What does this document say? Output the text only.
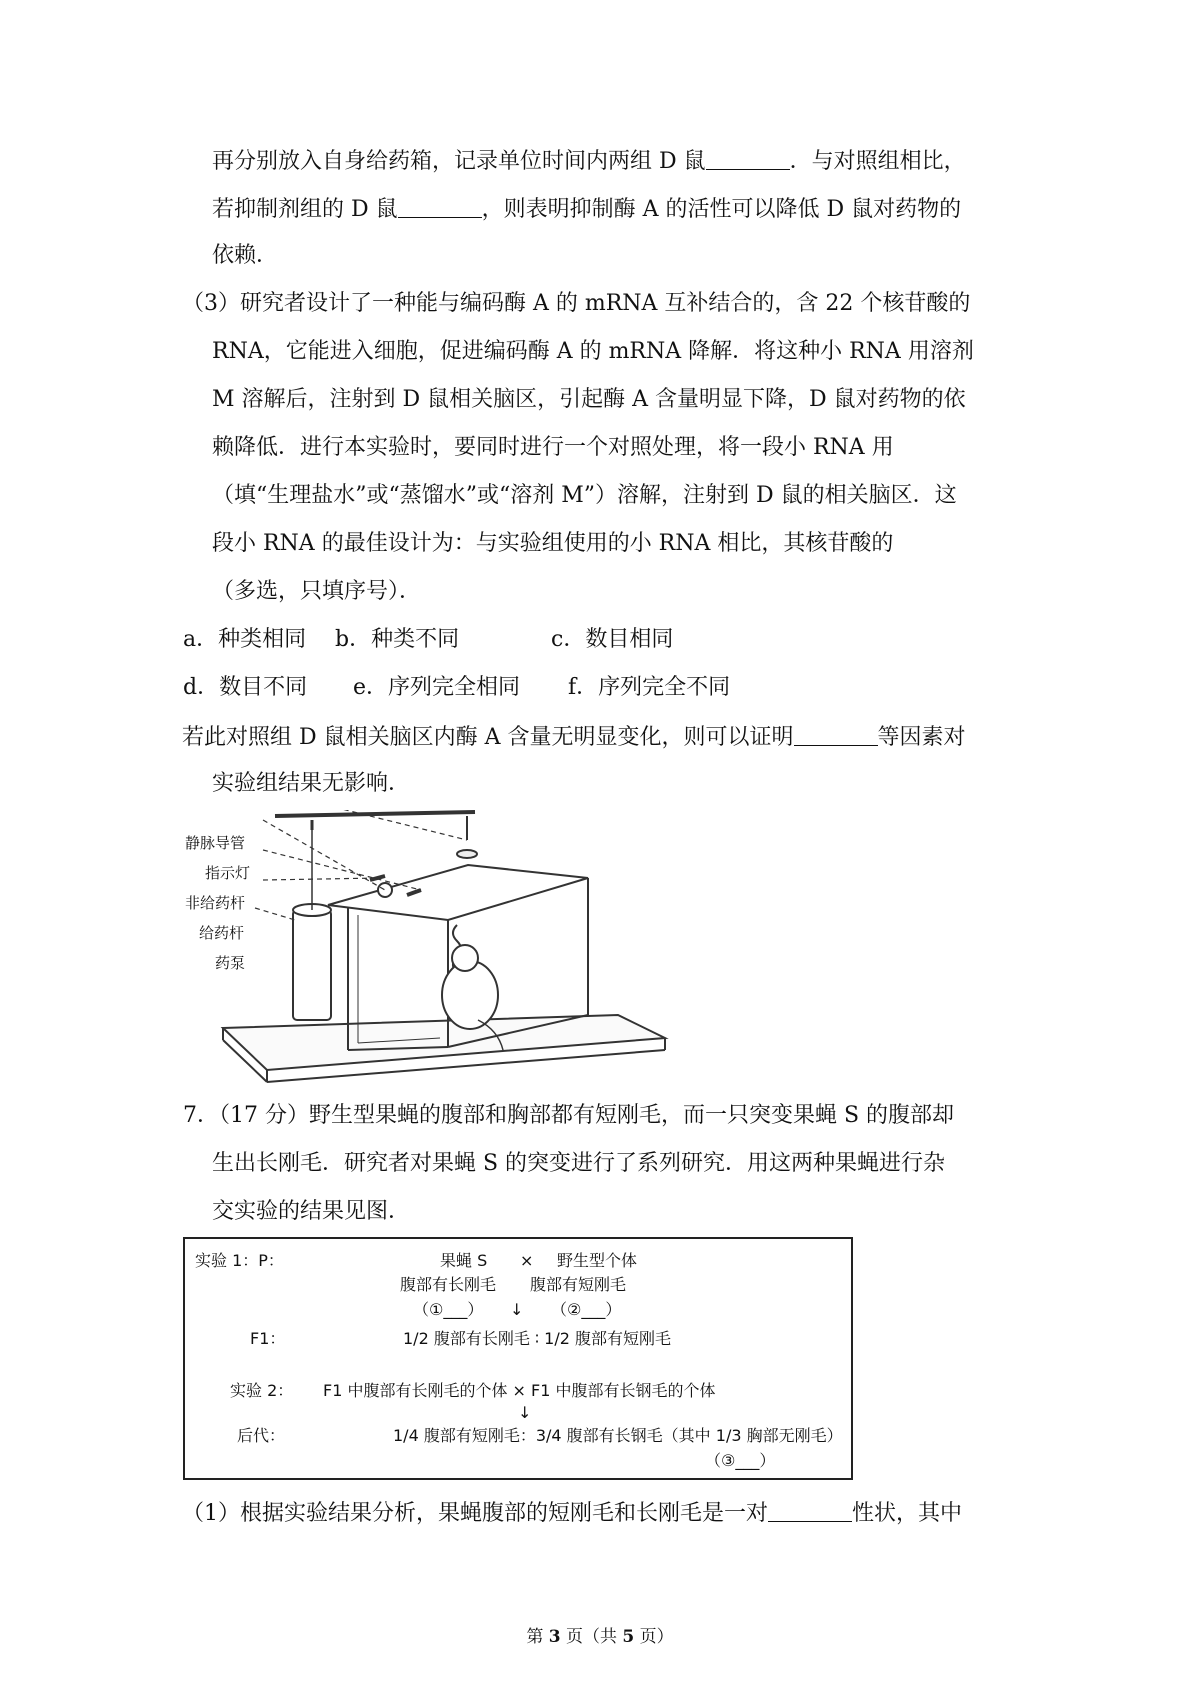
再分别放入自身给药箱，记录单位时间内两组 D 鼠	．与对照组相比，
若抑制剂组的 D 鼠	，则表明抑制酶 A 的活性可以降低 D 鼠对药物的
依赖．
（3）研究者设计了一种能与编码酶 A 的 mRNA 互补结合的，含 22 个核苷酸的
RNA，它能进入细胞，促进编码酶 A 的 mRNA 降解．将这种小 RNA 用溶剂
M 溶解后，注射到 D 鼠相关脑区，引起酶 A 含量明显下降，D 鼠对药物的依
赖降低．进行本实验时，要同时进行一个对照处理，将一段小 RNA 用
（填“生理盐水”或“蒸馏水”或“溶剂 M”）溶解，注射到 D 鼠的相关脑区．这
段小 RNA 的最佳设计为：与实验组使用的小 RNA 相比，其核苷酸的
（多选，只填序号）．
a．种类相同 b．种类不同	c．数目相同
d．数目不同 e．序列完全相同 f．序列完全不同
若此对照组 D 鼠相关脑区内酶 A 含量无明显变化，则可以证明	等因素对
实验组结果无影响．
静脉导管
指示灯
非给药杆
给药杆
药泵
7．（17 分）野生型果蝇的腹部和胸部都有短刚毛，而一只突变果蝇 S 的腹部却
生出长刚毛．研究者对果蝇 S 的突变进行了系列研究．用这两种果蝇进行杂
交实验的结果见图．
实验 1：P：	果蝇 S × 野生型个体
腹部有长刚毛 腹部有短刚毛
（①___） ↓ （②___）
F1：	1/2 腹部有长刚毛 ∶ 1/2 腹部有短刚毛
实验 2： F1 中腹部有长刚毛的个体 × F1 中腹部有长钢毛的个体
↓
后代：	1/4 腹部有短刚毛：3/4 腹部有长钢毛（其中 1/3 胸部无刚毛）
（③___）
（1）根据实验结果分析，果蝇腹部的短刚毛和长刚毛是一对	性状，其中
第 3 页（共 5 页）
